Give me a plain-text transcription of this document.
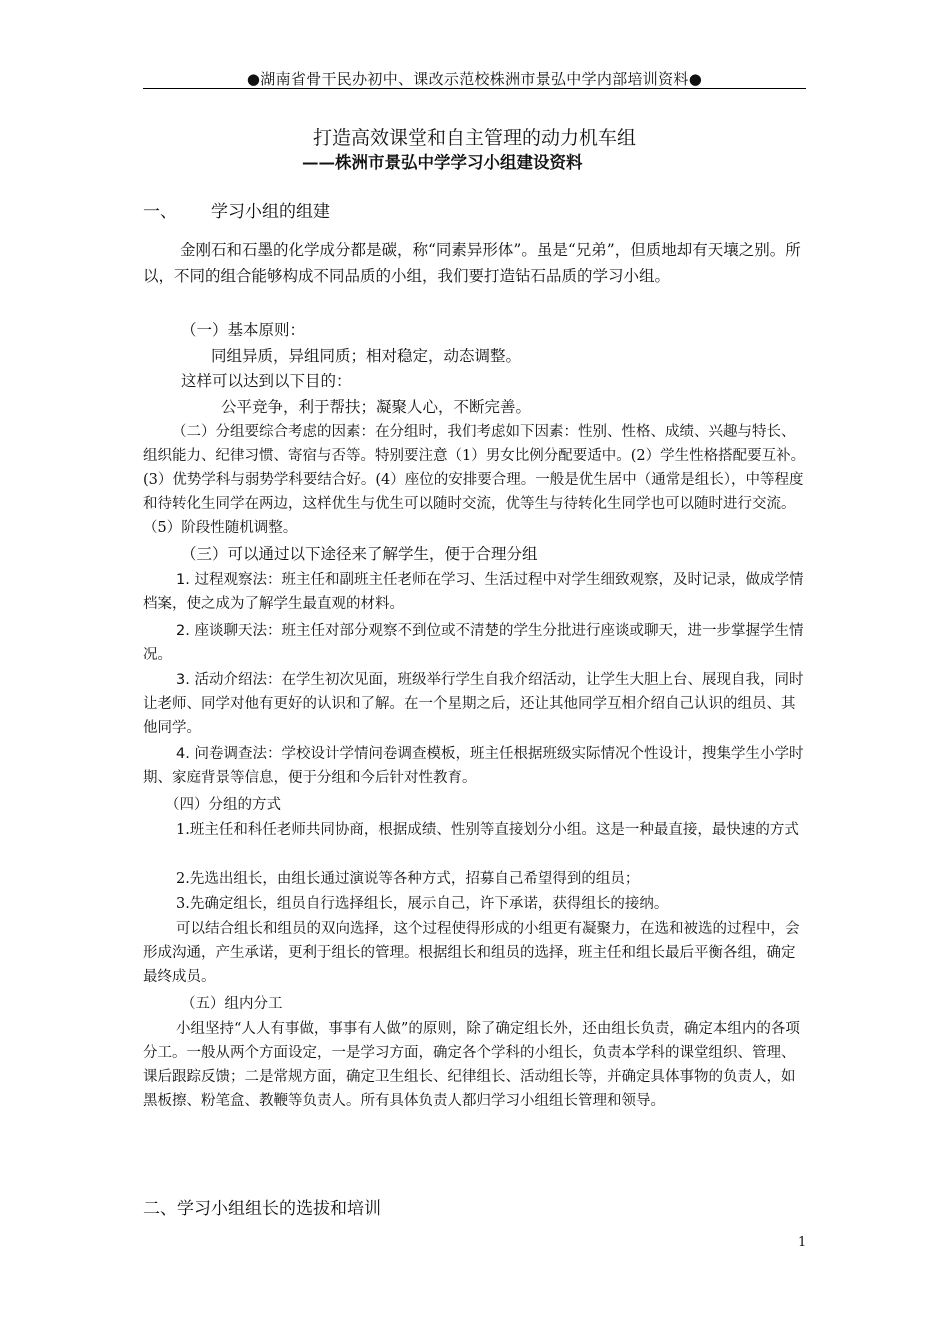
●湖南省骨干民办初中、课改示范校株洲市景弘中学内部培训资料●
打造高效课堂和自主管理的动力机车组
——株洲市景弘中学学习小组建设资料
一、 学习小组的组建
金刚石和石墨的化学成分都是碳，称“同素异形体”。虽是“兄弟”，但质地却有天壤之别。所以，不同的组合能够构成不同品质的小组，我们要打造钻石品质的学习小组。
（一）基本原则：
同组异质，异组同质；相对稳定，动态调整。
这样可以达到以下目的：
公平竞争，利于帮扶；凝聚人心，不断完善。
（二）分组要综合考虑的因素：在分组时，我们考虑如下因素：性别、性格、成绩、兴趣与特长、组织能力、纪律习惯、寄宿与否等。特别要注意（1）男女比例分配要适中。(2）学生性格搭配要互补。(3）优势学科与弱势学科要结合好。(4）座位的安排要合理。一般是优生居中（通常是组长），中等程度和待转化生同学在两边，这样优生与优生可以随时交流，优等生与待转化生同学也可以随时进行交流。（5）阶段性随机调整。
（三）可以通过以下途径来了解学生，便于合理分组
1. 过程观察法：班主任和副班主任老师在学习、生活过程中对学生细致观察，及时记录，做成学情档案，使之成为了解学生最直观的材料。
2. 座谈聊天法：班主任对部分观察不到位或不清楚的学生分批进行座谈或聊天，进一步掌握学生情况。
3. 活动介绍法：在学生初次见面，班级举行学生自我介绍活动，让学生大胆上台、展现自我，同时让老师、同学对他有更好的认识和了解。在一个星期之后，还让其他同学互相介绍自己认识的组员、其他同学。
4. 问卷调查法：学校设计学情问卷调查模板，班主任根据班级实际情况个性设计，搜集学生小学时期、家庭背景等信息，便于分组和今后针对性教育。
（四）分组的方式
1.班主任和科任老师共同协商，根据成绩、性别等直接划分小组。这是一种最直接，最快速的方式
2.先选出组长，由组长通过演说等各种方式，招募自己希望得到的组员；
3.先确定组长，组员自行选择组长，展示自己，许下承诺，获得组长的接纳。
可以结合组长和组员的双向选择，这个过程使得形成的小组更有凝聚力，在选和被选的过程中，会形成沟通，产生承诺，更利于组长的管理。根据组长和组员的选择，班主任和组长最后平衡各组，确定最终成员。
（五）组内分工
小组坚持“人人有事做，事事有人做”的原则，除了确定组长外，还由组长负责，确定本组内的各项分工。一般从两个方面设定，一是学习方面，确定各个学科的小组长，负责本学科的课堂组织、管理、课后跟踪反馈；二是常规方面，确定卫生组长、纪律组长、活动组长等，并确定具体事物的负责人，如黑板擦、粉笔盒、教鞭等负责人。所有具体负责人都归学习小组组长管理和领导。
二、学习小组组长的选拔和培训
1
